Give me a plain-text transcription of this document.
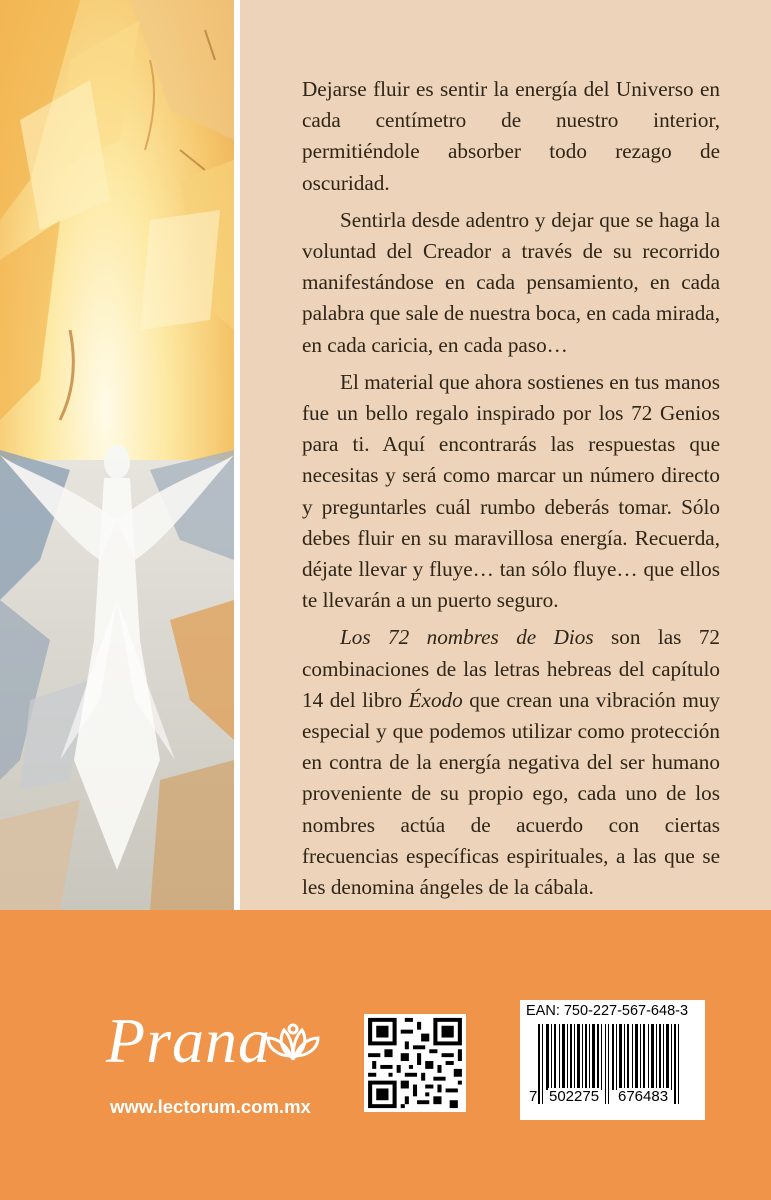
Dejarse fluir es sentir la energía del Universo en cada centímetro de nuestro interior, permitiéndole absorber todo rezago de oscuridad.

Sentirla desde adentro y dejar que se haga la voluntad del Creador a través de su recorrido manifestándose en cada pensamiento, en cada palabra que sale de nuestra boca, en cada mirada, en cada caricia, en cada paso…

El material que ahora sostienes en tus manos fue un bello regalo inspirado por los 72 Genios para ti. Aquí encontrarás las respuestas que necesitas y será como marcar un número directo y preguntarles cuál rumbo deberás tomar. Sólo debes fluir en su maravillosa energía. Recuerda, déjate llevar y fluye… tan sólo fluye… que ellos te llevarán a un puerto seguro.

Los 72 nombres de Dios son las 72 combinaciones de las letras hebreas del capítulo 14 del libro Éxodo que crean una vibración muy especial y que podemos utilizar como protección en contra de la energía negativa del ser humano proveniente de su propio ego, cada uno de los nombres actúa de acuerdo con ciertas frecuencias específicas espirituales, a las que se les denomina ángeles de la cábala.

Prana
www.lectorum.com.mx
EAN: 750-227-567-648-3
7 502275 676483
